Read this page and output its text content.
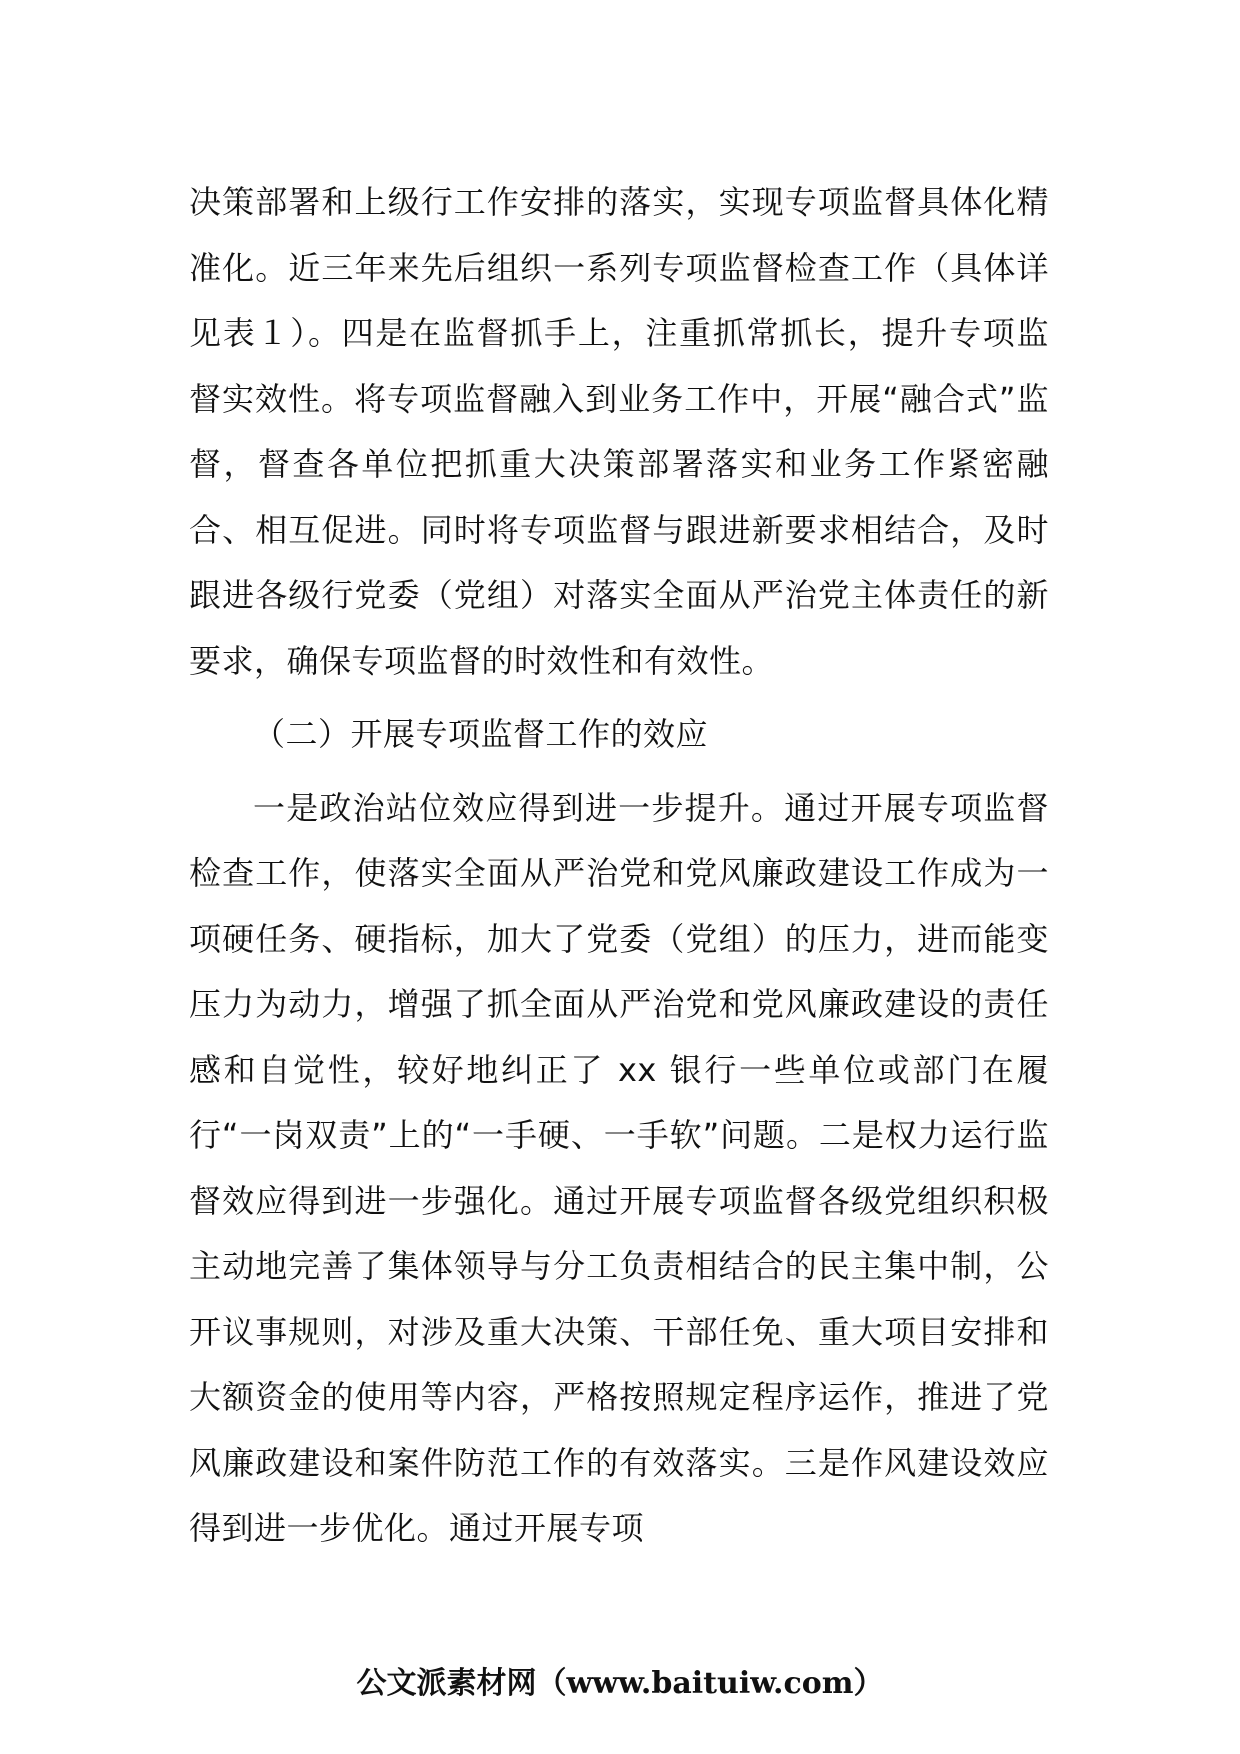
决策部署和上级行工作安排的落实，实现专项监督具体化精准化。近三年来先后组织一系列专项监督检查工作（具体详见表１）。四是在监督抓手上，注重抓常抓长，提升专项监督实效性。将专项监督融入到业务工作中，开展“融合式”监督，督查各单位把抓重大决策部署落实和业务工作紧密融合、相互促进。同时将专项监督与跟进新要求相结合，及时跟进各级行党委（党组）对落实全面从严治党主体责任的新要求，确保专项监督的时效性和有效性。

（二）开展专项监督工作的效应

一是政治站位效应得到进一步提升。通过开展专项监督检查工作，使落实全面从严治党和党风廉政建设工作成为一项硬任务、硬指标，加大了党委（党组）的压力，进而能变压力为动力，增强了抓全面从严治党和党风廉政建设的责任感和自觉性，较好地纠正了 xx 银行一些单位或部门在履行“一岗双责”上的“一手硬、一手软”问题。二是权力运行监督效应得到进一步强化。通过开展专项监督各级党组织积极主动地完善了集体领导与分工负责相结合的民主集中制，公开议事规则，对涉及重大决策、干部任免、重大项目安排和大额资金的使用等内容，严格按照规定程序运作，推进了党风廉政建设和案件防范工作的有效落实。三是作风建设效应得到进一步优化。通过开展专项

公文派素材网（www.baituiw.com）
